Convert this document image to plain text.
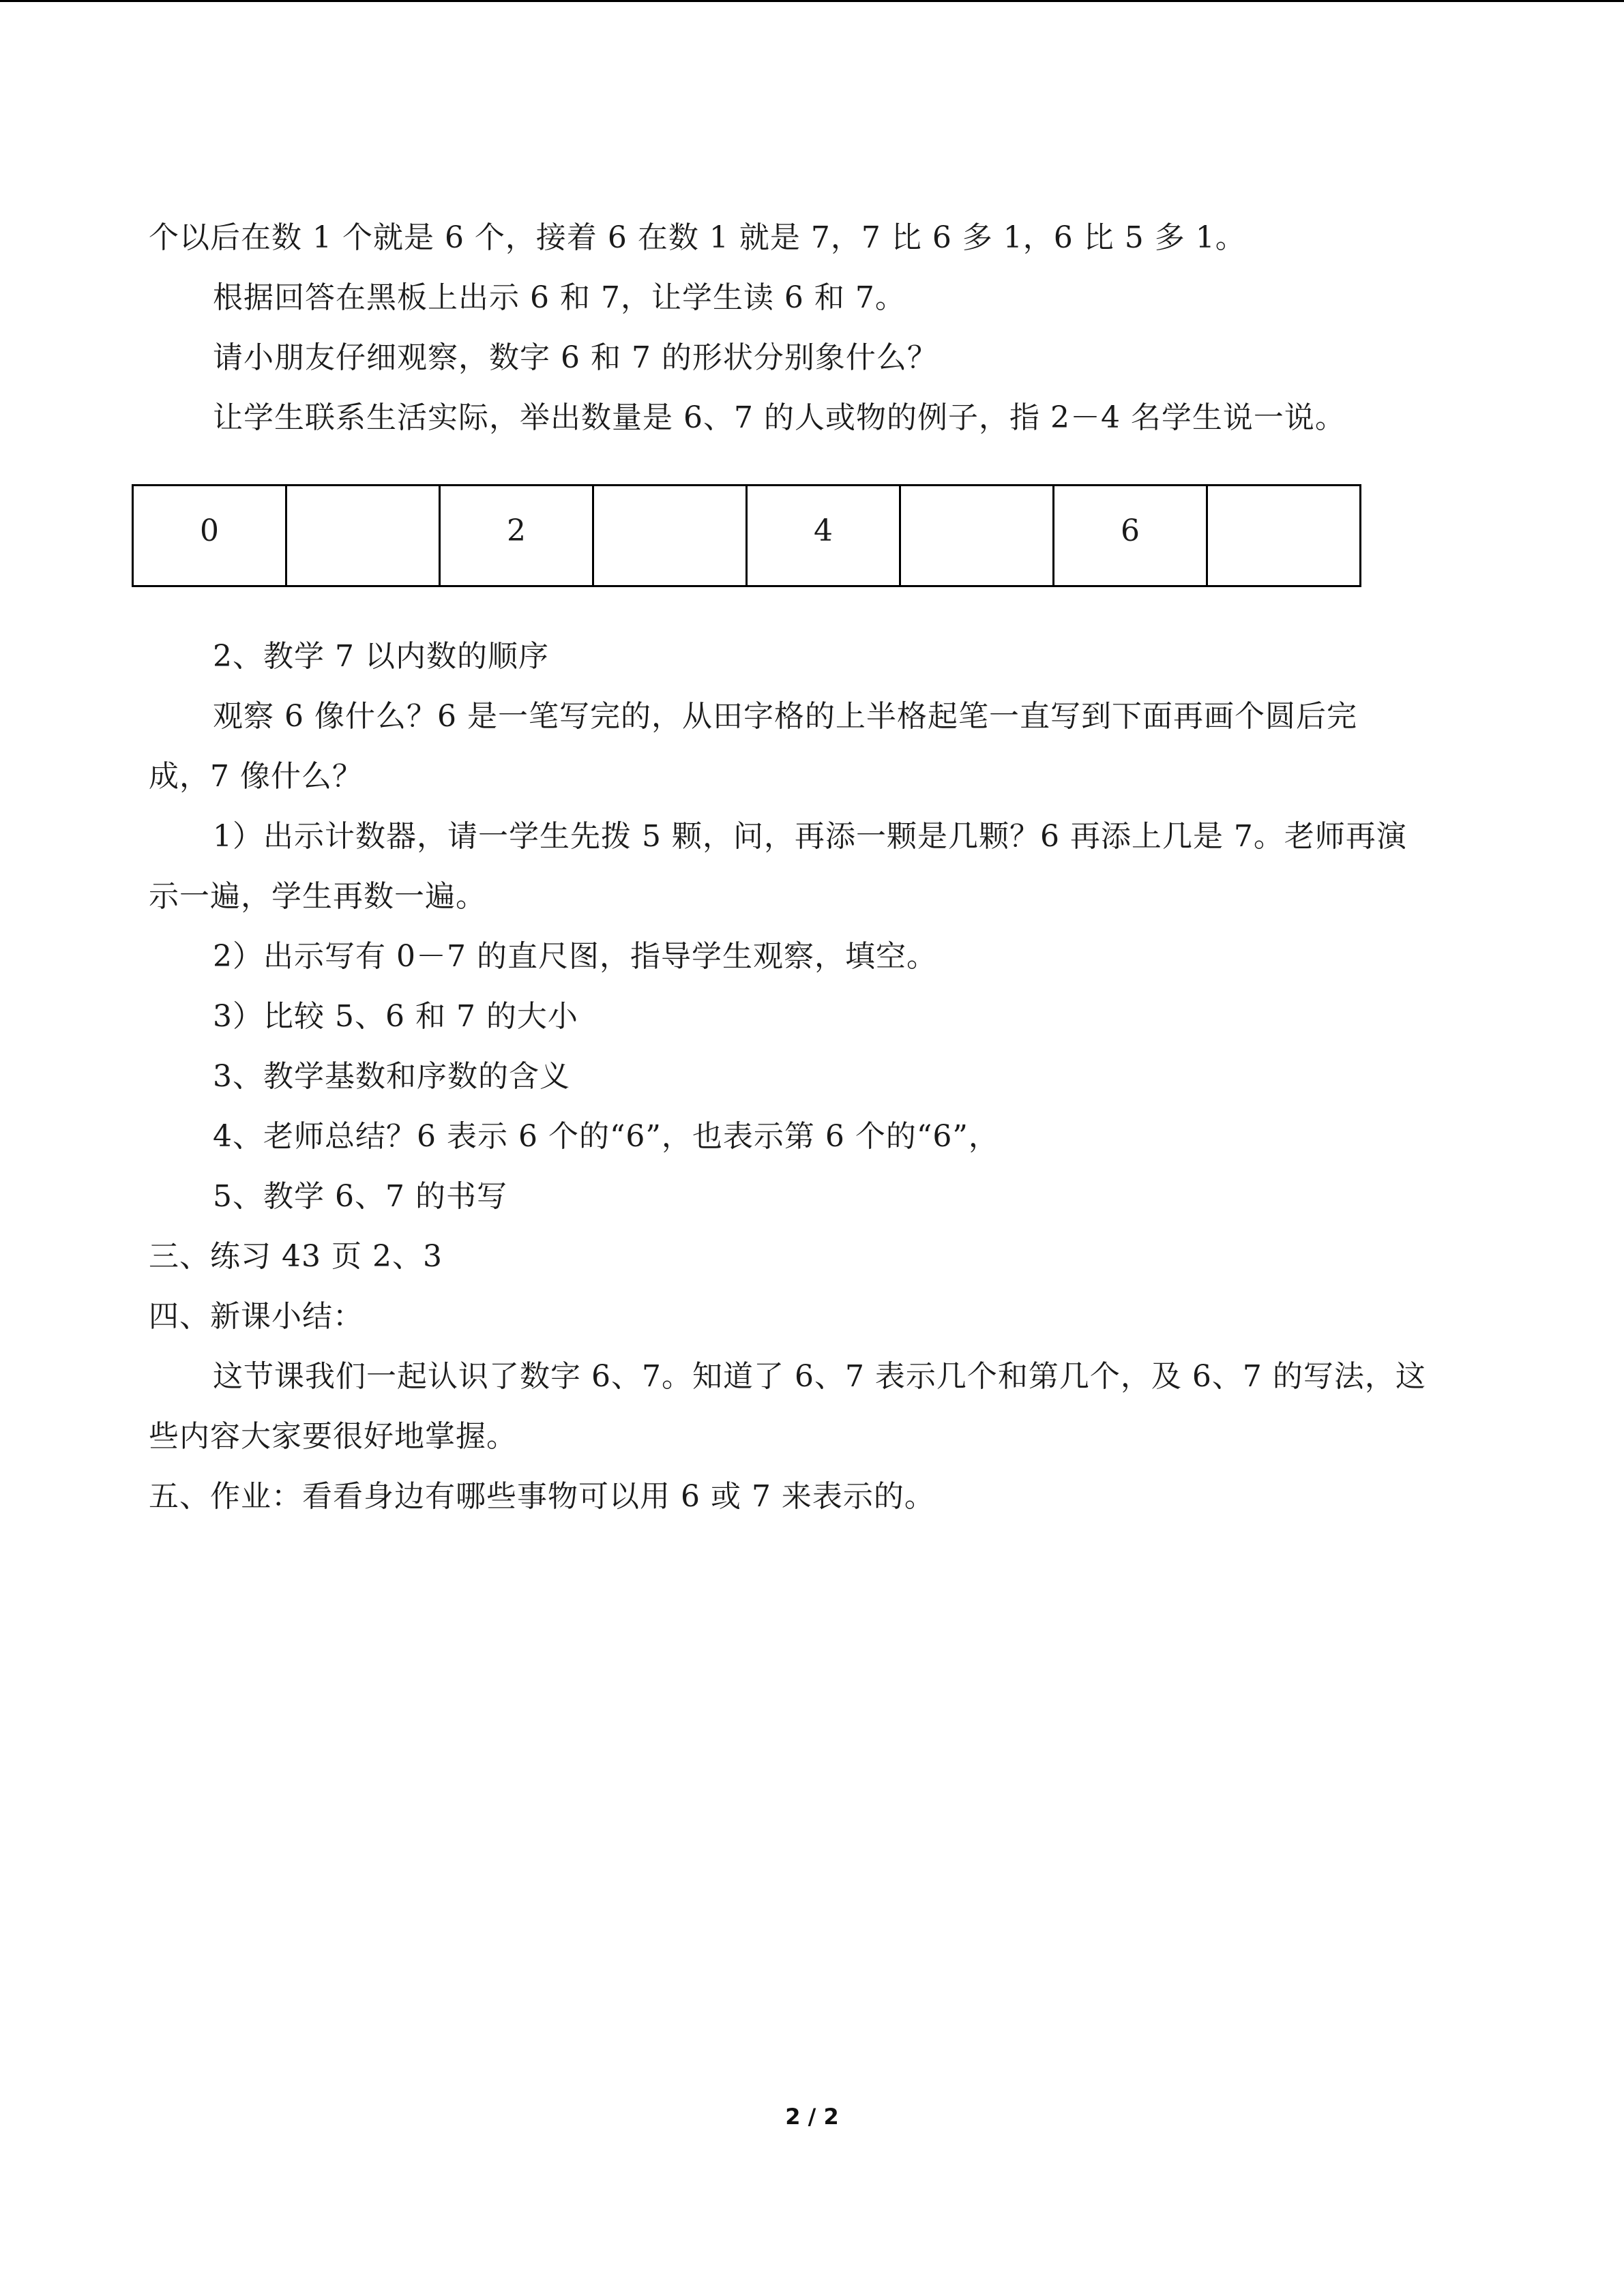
个以后在数 1 个就是 6 个，接着 6 在数 1 就是 7，7 比 6 多 1，6 比 5 多 1。
根据回答在黑板上出示 6 和 7，让学生读 6 和 7。
请小朋友仔细观察，数字 6 和 7 的形状分别象什么？
让学生联系生活实际，举出数量是 6、7 的人或物的例子，指 2－4 名学生说一说。
0		2		4		6	
2、教学 7 以内数的顺序
观察 6 像什么？6 是一笔写完的，从田字格的上半格起笔一直写到下面再画个圆后完
成，7 像什么？
1）出示计数器，请一学生先拨 5 颗，问，再添一颗是几颗？6 再添上几是 7。老师再演
示一遍，学生再数一遍。
2）出示写有 0－7 的直尺图，指导学生观察，填空。
3）比较 5、6 和 7 的大小
3、教学基数和序数的含义
4、老师总结？6 表示 6 个的“6”，也表示第 6 个的“6”，
5、教学 6、7 的书写
三、练习 43 页 2、3
四、新课小结：
这节课我们一起认识了数字 6、7。知道了 6、7 表示几个和第几个，及 6、7 的写法，这
些内容大家要很好地掌握。
五、作业：看看身边有哪些事物可以用 6 或 7 来表示的。
2 / 2
